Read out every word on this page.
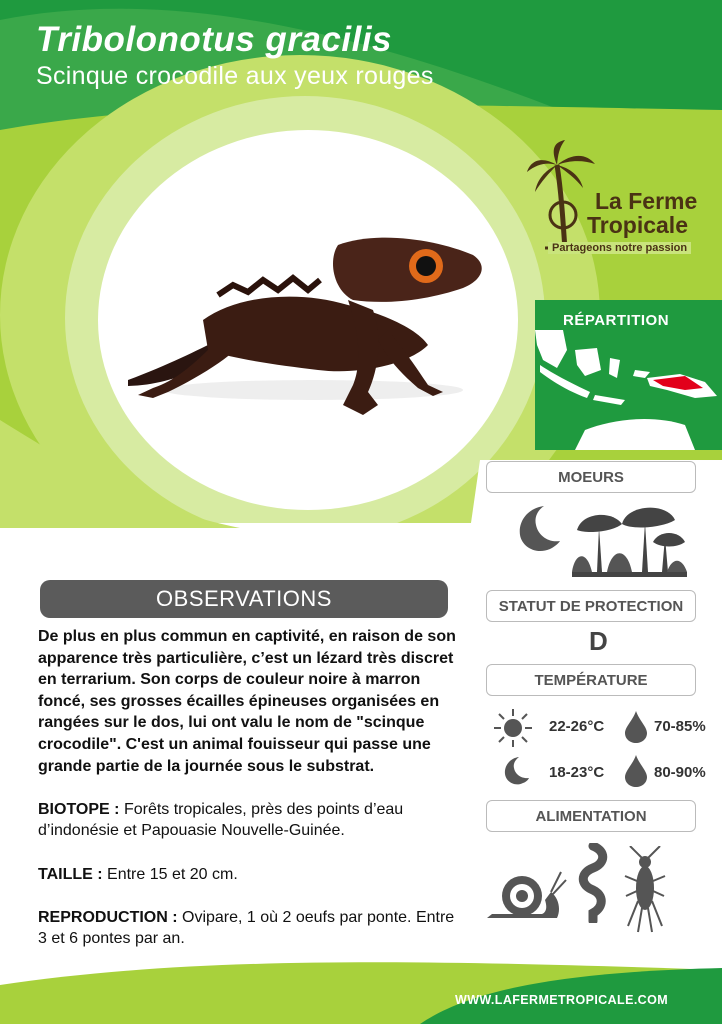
Tribolonotus gracilis

Scinque crocodile aux yeux rouges

La Ferme
Tropicale
Partageons notre passion
RÉPARTITION
MOEURS
STATUT DE PROTECTION
D
TEMPÉRATURE
22-26°C	70-85%
18-23°C	80-90%
ALIMENTATION
OBSERVATIONS

De plus en plus commun en captivité, en raison de son apparence très particulière, c’est un lézard très discret en terrarium. Son corps de couleur noire à marron foncé, ses grosses écailles épineuses organisées en rangées sur le dos, lui ont valu le nom de "scinque crocodile". C'est un animal fouisseur qui passe une grande partie de la journée sous le substrat.

BIOTOPE : Forêts tropicales, près des points d’eau d’indonésie et Papouasie Nouvelle-Guinée.

TAILLE : Entre 15 et 20 cm.

REPRODUCTION : Ovipare, 1 où 2 oeufs par ponte. Entre 3 et 6 pontes par an.

WWW.LAFERMETROPICALE.COM
